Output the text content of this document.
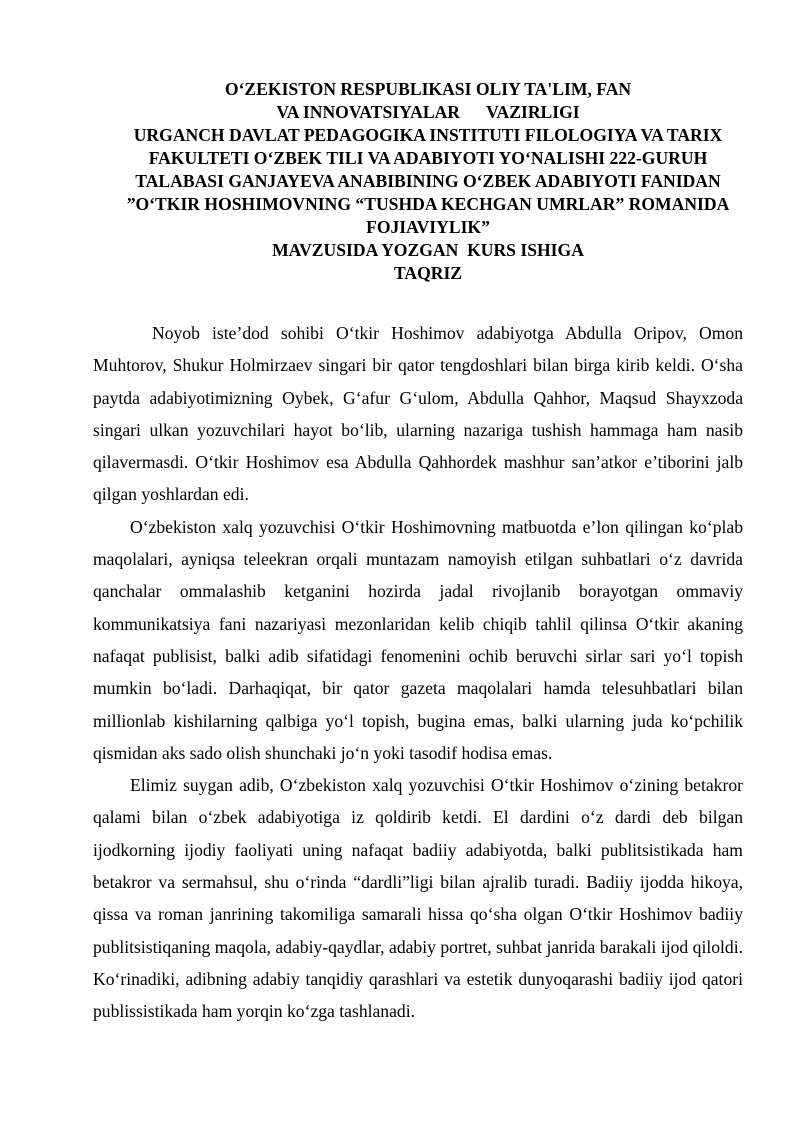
O‘ZEKISTON RESPUBLIKASI OLIY TA'LIM, FAN
VA INNOVATSIYALAR      VAZIRLIGI
URGANCH DAVLAT PEDAGOGIKA INSTITUTI FILOLOGIYA VA TARIX
FAKULTETI O‘ZBEK TILI VA ADABIYOTI YO‘NALISHI 222-GURUH
TALABASI GANJAYEVA ANABIBINING O‘ZBEK ADABIYOTI FANIDAN
”O‘TKIR HOSHIMOVNING “TUSHDA KECHGAN UMRLAR” ROMANIDA
FOJIAVIYLIK”
MAVZUSIDA YOZGAN  KURS ISHIGA
TAQRIZ

Noyob iste’dod sohibi O‘tkir Hoshimov adabiyotga Abdulla Oripov, Omon Muhtorov, Shukur Holmirzaev singari bir qator tengdoshlari bilan birga kirib keldi. O‘sha paytda adabiyotimizning Oybek, G‘afur G‘ulom, Abdulla Qahhor, Maqsud Shayxzoda singari ulkan yozuvchilari hayot bo‘lib, ularning nazariga tushish hammaga ham nasib qilavermasdi. O‘tkir Hoshimov esa Abdulla Qahhordek mashhur san’atkor e’tiborini jalb qilgan yoshlardan edi.

O‘zbekiston xalq yozuvchisi O‘tkir Hoshimovning matbuotda e’lon qilingan ko‘plab maqolalari, ayniqsa teleekran orqali muntazam namoyish etilgan suhbatlari o‘z davrida qanchalar ommalashib ketganini hozirda jadal rivojlanib borayotgan ommaviy kommunikatsiya fani nazariyasi mezonlaridan kelib chiqib tahlil qilinsa O‘tkir akaning nafaqat publisist, balki adib sifatidagi fenomenini ochib beruvchi sirlar sari yo‘l topish mumkin bo‘ladi. Darhaqiqat, bir qator gazeta maqolalari hamda telesuhbatlari bilan millionlab kishilarning qalbiga yo‘l topish, bugina emas, balki ularning juda ko‘pchilik qismidan aks sado olish shunchaki jo‘n yoki tasodif hodisa emas.

Elimiz suygan adib, O‘zbekiston xalq yozuvchisi O‘tkir Hoshimov o‘zining betakror qalami bilan o‘zbek adabiyotiga iz qoldirib ketdi. El dardini o‘z dardi deb bilgan ijodkorning ijodiy faoliyati uning nafaqat badiiy adabiyotda, balki publitsistikada ham betakror va sermahsul, shu o‘rinda “dardli”ligi bilan ajralib turadi. Badiiy ijodda hikoya, qissa va roman janrining takomiliga samarali hissa qo‘sha olgan O‘tkir Hoshimov badiiy publitsistiqaning maqola, adabiy-qaydlar, adabiy portret, suhbat janrida barakali ijod qiloldi. Ko‘rinadiki, adibning adabiy tanqidiy qarashlari va estetik dunyoqarashi badiiy ijod qatori publissistikada ham yorqin ko‘zga tashlanadi.
